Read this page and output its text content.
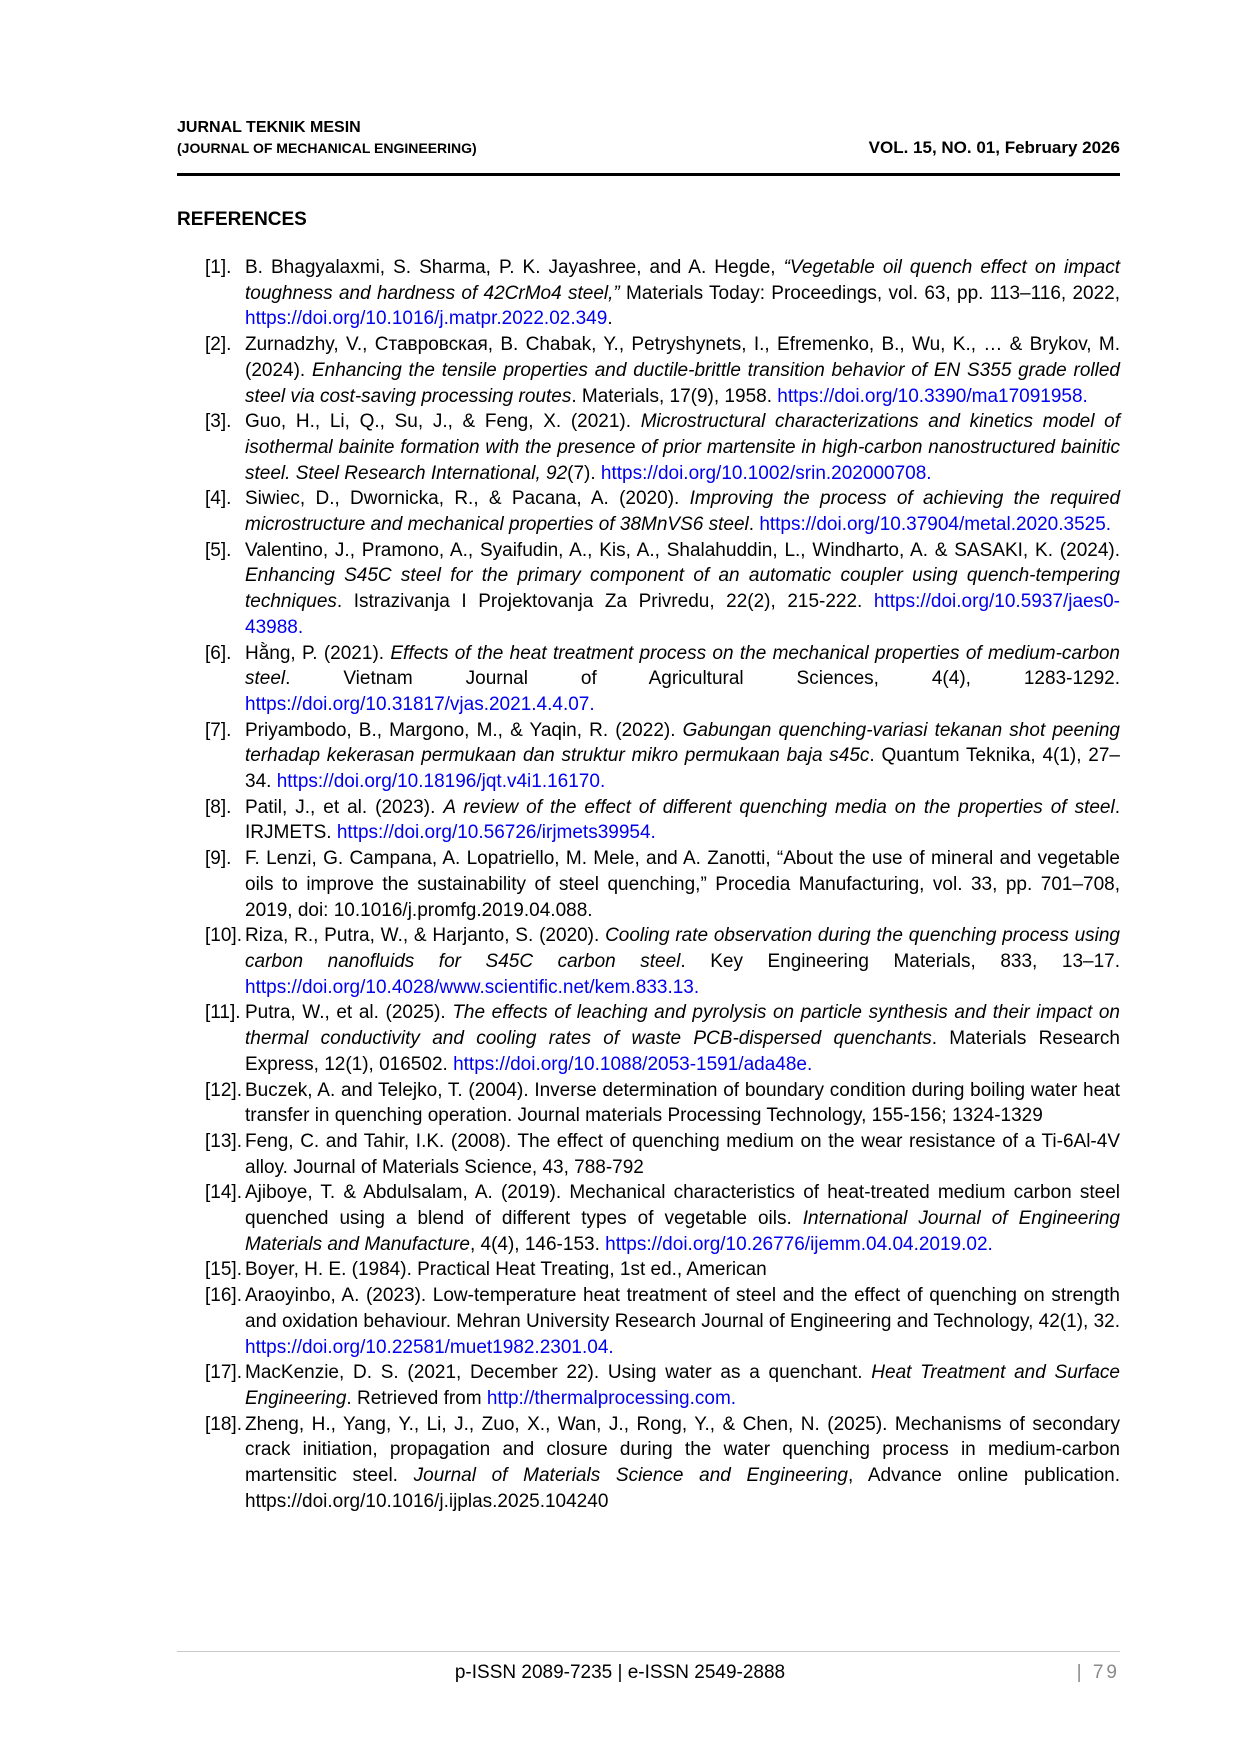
JURNAL TEKNIK MESIN
(JOURNAL OF MECHANICAL ENGINEERING)	VOL. 15, NO. 01, February 2026
REFERENCES
[1]. B. Bhagyalaxmi, S. Sharma, P. K. Jayashree, and A. Hegde, “Vegetable oil quench effect on impact toughness and hardness of 42CrMo4 steel,” Materials Today: Proceedings, vol. 63, pp. 113–116, 2022, https://doi.org/10.1016/j.matpr.2022.02.349.
[2]. Zurnadzhy, V., Ставровская, B. Chabak, Y., Petryshynets, I., Efremenko, B., Wu, K., … & Brykov, M. (2024). Enhancing the tensile properties and ductile-brittle transition behavior of EN S355 grade rolled steel via cost-saving processing routes. Materials, 17(9), 1958. https://doi.org/10.3390/ma17091958.
[3]. Guo, H., Li, Q., Su, J., & Feng, X. (2021). Microstructural characterizations and kinetics model of isothermal bainite formation with the presence of prior martensite in high-carbon nanostructured bainitic steel. Steel Research International, 92(7). https://doi.org/10.1002/srin.202000708.
[4]. Siwiec, D., Dwornicka, R., & Pacana, A. (2020). Improving the process of achieving the required microstructure and mechanical properties of 38MnVS6 steel. https://doi.org/10.37904/metal.2020.3525.
[5]. Valentino, J., Pramono, A., Syaifudin, A., Kis, A., Shalahuddin, L., Windharto, A. & SASAKI, K. (2024). Enhancing S45C steel for the primary component of an automatic coupler using quench-tempering techniques. Istrazivanja I Projektovanja Za Privredu, 22(2), 215-222. https://doi.org/10.5937/jaes0-43988.
[6]. Hằng, P. (2021). Effects of the heat treatment process on the mechanical properties of medium-carbon steel. Vietnam Journal of Agricultural Sciences, 4(4), 1283-1292. https://doi.org/10.31817/vjas.2021.4.4.07.
[7]. Priyambodo, B., Margono, M., & Yaqin, R. (2022). Gabungan quenching-variasi tekanan shot peening terhadap kekerasan permukaan dan struktur mikro permukaan baja s45c. Quantum Teknika, 4(1), 27–34. https://doi.org/10.18196/jqt.v4i1.16170.
[8]. Patil, J., et al. (2023). A review of the effect of different quenching media on the properties of steel. IRJMETS. https://doi.org/10.56726/irjmets39954.
[9]. F. Lenzi, G. Campana, A. Lopatriello, M. Mele, and A. Zanotti, “About the use of mineral and vegetable oils to improve the sustainability of steel quenching,” Procedia Manufacturing, vol. 33, pp. 701–708, 2019, doi: 10.1016/j.promfg.2019.04.088.
[10]. Riza, R., Putra, W., & Harjanto, S. (2020). Cooling rate observation during the quenching process using carbon nanofluids for S45C carbon steel. Key Engineering Materials, 833, 13–17. https://doi.org/10.4028/www.scientific.net/kem.833.13.
[11]. Putra, W., et al. (2025). The effects of leaching and pyrolysis on particle synthesis and their impact on thermal conductivity and cooling rates of waste PCB-dispersed quenchants. Materials Research Express, 12(1), 016502. https://doi.org/10.1088/2053-1591/ada48e.
[12]. Buczek, A. and Telejko, T. (2004). Inverse determination of boundary condition during boiling water heat transfer in quenching operation. Journal materials Processing Technology, 155-156; 1324-1329
[13]. Feng, C. and Tahir, I.K. (2008). The effect of quenching medium on the wear resistance of a Ti-6Al-4V alloy. Journal of Materials Science, 43, 788-792
[14]. Ajiboye, T. & Abdulsalam, A. (2019). Mechanical characteristics of heat-treated medium carbon steel quenched using a blend of different types of vegetable oils. International Journal of Engineering Materials and Manufacture, 4(4), 146-153. https://doi.org/10.26776/ijemm.04.04.2019.02.
[15]. Boyer, H. E. (1984). Practical Heat Treating, 1st ed., American
[16]. Araoyinbo, A. (2023). Low-temperature heat treatment of steel and the effect of quenching on strength and oxidation behaviour. Mehran University Research Journal of Engineering and Technology, 42(1), 32. https://doi.org/10.22581/muet1982.2301.04.
[17]. MacKenzie, D. S. (2021, December 22). Using water as a quenchant. Heat Treatment and Surface Engineering. Retrieved from http://thermalprocessing.com.
[18]. Zheng, H., Yang, Y., Li, J., Zuo, X., Wan, J., Rong, Y., & Chen, N. (2025). Mechanisms of secondary crack initiation, propagation and closure during the water quenching process in medium-carbon martensitic steel. Journal of Materials Science and Engineering, Advance online publication. https://doi.org/10.1016/j.ijplas.2025.104240
p-ISSN 2089-7235 | e-ISSN 2549-2888	| 79
